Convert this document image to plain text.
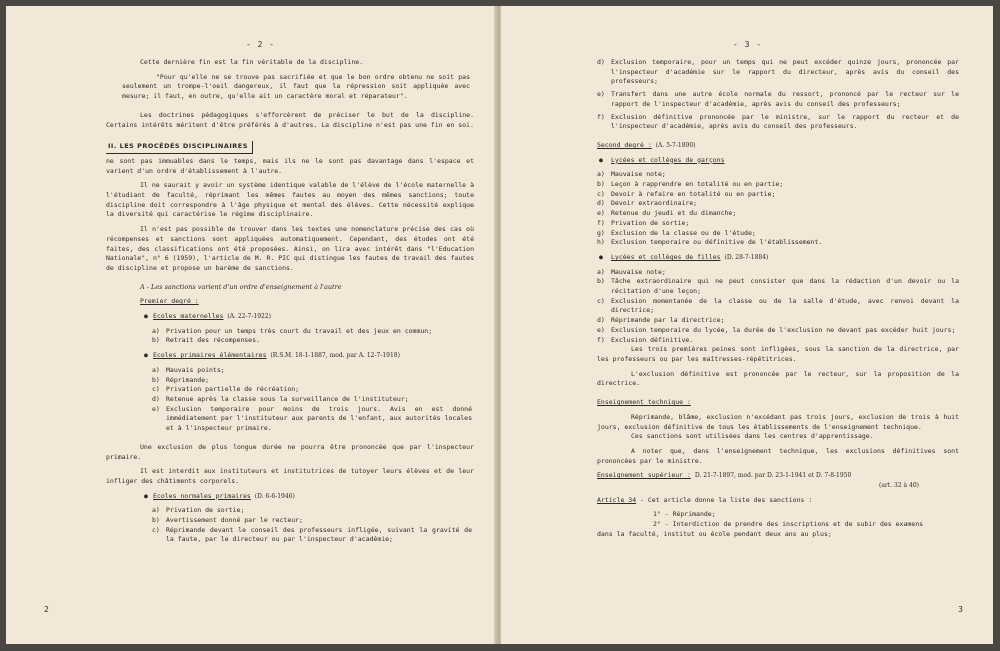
- 2 -

Cette dernière fin est la fin véritable de la discipline.

"Pour qu'elle ne se trouve pas sacrifiée et que le bon ordre obtenu ne soit pas seulement un trompe-l'oeil dangereux, il faut que la répression soit appliquée avec mesure; il faut, en outre, qu'elle ait un caractère moral et réparateur".

Les doctrines pédagogiques s'efforcèrent de préciser le but de la discipline. Certains intérêts méritent d'être préférés à d'autres. La discipline n'est pas une fin en soi.

II. LES PROCÉDÉS DISCIPLINAIRES

ne sont pas immuables dans le temps, mais ils ne le sont pas davantage dans l'espace et varient d'un ordre d'établissement à l'autre.

Il ne saurait y avoir un système identique valable de l'élève de l'école maternelle à l'étudiant de faculté, réprimant les mêmes fautes au moyen des mêmes sanctions; toute discipline doit correspondre à l'âge physique et mental des élèves. Cette nécessité explique la diversité qui caractérise le régime disciplinaire.

Il n'est pas possible de trouver dans les textes une nomenclature précise des cas où récompenses et sanctions sont appliquées automatiquement. Cependant, des études ont été faites, des classifications ont été proposées. Ainsi, on lira avec intérêt dans "l'Education Nationale", n° 6 (1959), l'article de M. R. PIC qui distingue les fautes de travail des fautes de discipline et propose un barème de sanctions.

A - Les sanctions varient d'un ordre d'enseignement à l'autre

Premier degré :

● Ecoles maternelles (A. 22-7-1922)

a) Privation pour un temps très court du travail et des jeux en commun;
b) Retrait des récompenses.

● Ecoles primaires élémentaires (R.S.M. 18-1-1887, mod. par A. 12-7-1918)

a) Mauvais points;
b) Réprimande;
c) Privation partielle de récréation;
d) Retenue après la classe sous la surveillance de l'instituteur;
e) Exclusion temporaire pour moins de trois jours. Avis en est donné immédiatement par l'instituteur aux parents de l'enfant, aux autorités locales et à l'inspecteur primaire.

Une exclusion de plus longue durée ne pourra être prononcée que par l'inspecteur primaire.

Il est interdit aux instituteurs et institutrices de tutoyer leurs élèves et de leur infliger des châtiments corporels.

● Ecoles normales primaires (D. 6-6-1946)

a) Privation de sortie;
b) Avertissement donné par le recteur;
c) Réprimande devant le conseil des professeurs infligée, suivant la gravité de la faute, par le directeur ou par l'inspecteur d'académie;
2
- 3 -
d) Exclusion temporaire, pour un temps qui ne peut excéder quinze jours, prononcée par l'inspecteur d'académie sur le rapport du directeur, après avis du conseil des professeurs;
e) Transfert dans une autre école normale du ressort, prononcé par le recteur sur le rapport de l'inspecteur d'académie, après avis du conseil des professeurs;
f) Exclusion définitive prononcée par le ministre, sur le rapport du recteur et de l'inspecteur d'académie, après avis du conseil des professeurs.

Second degré : (A. 5-7-1890)

● Lycées et collèges de garçons

a) Mauvaise note;
b) Leçon à rapprendre en totalité ou en partie;
c) Devoir à refaire en totalité ou en partie;
d) Devoir extraordinaire;
e) Retenue du jeudi et du dimanche;
f) Privation de sortie;
g) Exclusion de la classe ou de l'étude;
h) Exclusion temporaire ou définitive de l'établissement.

● Lycées et collèges de filles (D. 28-7-1884)

a) Mauvaise note;
b) Tâche extraordinaire qui ne peut consister que dans la rédaction d'un devoir ou la récitation d'une leçon;
c) Exclusion momentanée de la classe ou de la salle d'étude, avec renvoi devant la directrice;
d) Réprimande par la directrice;
e) Exclusion temporaire du lycée, la durée de l'exclusion ne devant pas excéder huit jours;
f) Exclusion définitive.

Les trois premières peines sont infligées, sous la sanction de la directrice, par les professeurs ou par les maîtresses-répétitrices.

L'exclusion définitive est prononcée par le recteur, sur la proposition de la directrice.

Enseignement technique :

Réprimande, blâme, exclusion n'excédant pas trois jours, exclusion de trois à huit jours, exclusion définitive de tous les établissements de l'enseignement technique.

Ces sanctions sont utilisées dans les centres d'apprentissage.

A noter que, dans l'enseignement technique, les exclusions définitives sont prononcées par le ministre.

Enseignement supérieur : D. 21-7-1897, mod. par D. 23-1-1941 et D. 7-8-1950

(art. 32 à 40)

Article 34 - Cet article donne la liste des sanctions :

1° - Réprimande;

2° - Interdiction de prendre des inscriptions et de subir des examens

dans la faculté, institut ou école pendant deux ans au plus;

3
